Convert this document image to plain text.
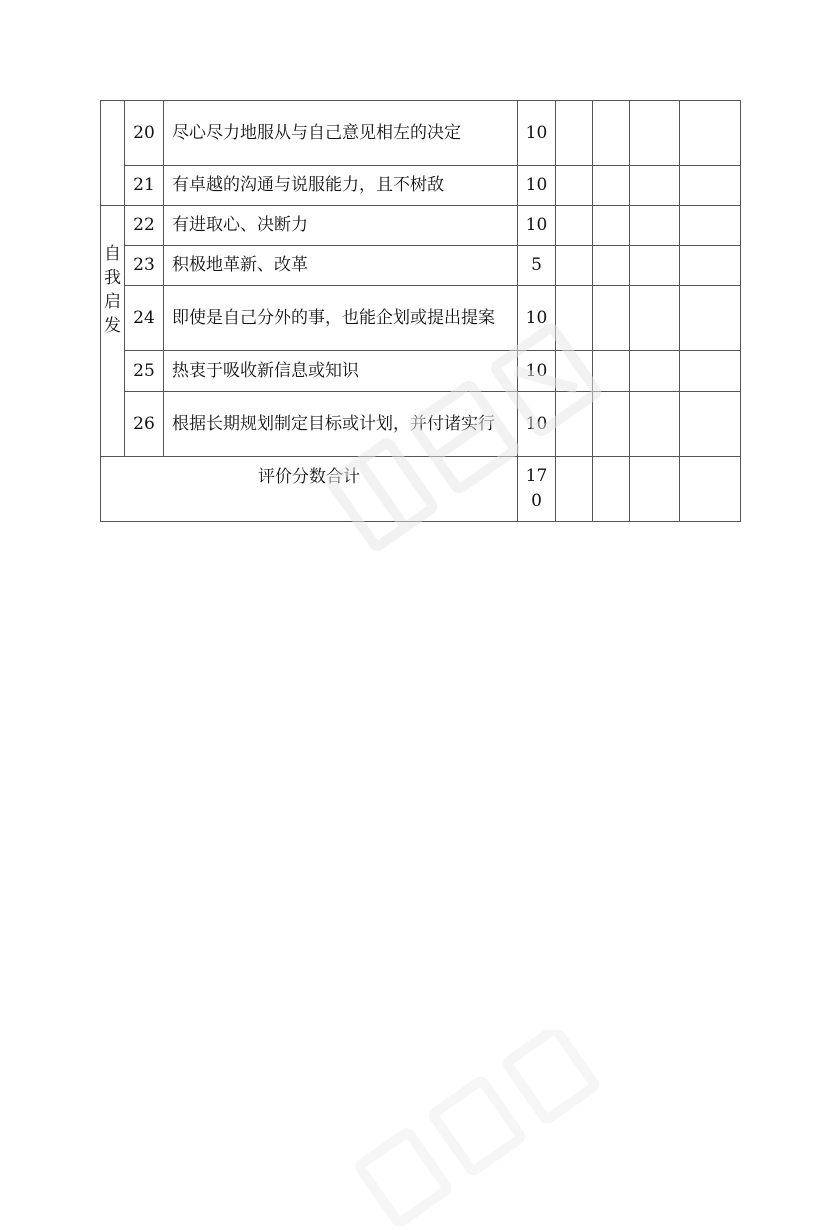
	20	尽心尽力地服从与自己意见相左的决定	10				
	21	有卓越的沟通与说服能力，且不树敌	10				

自我启发	22	有进取心、决断力	10				
	23	积极地革新、改革	5				
	24	即使是自己分外的事，也能企划或提出提案	10				
	25	热衷于吸收新信息或知识	10				
	26	根据长期规划制定目标或计划，并付诸实行	10				
评价分数合计			170				
